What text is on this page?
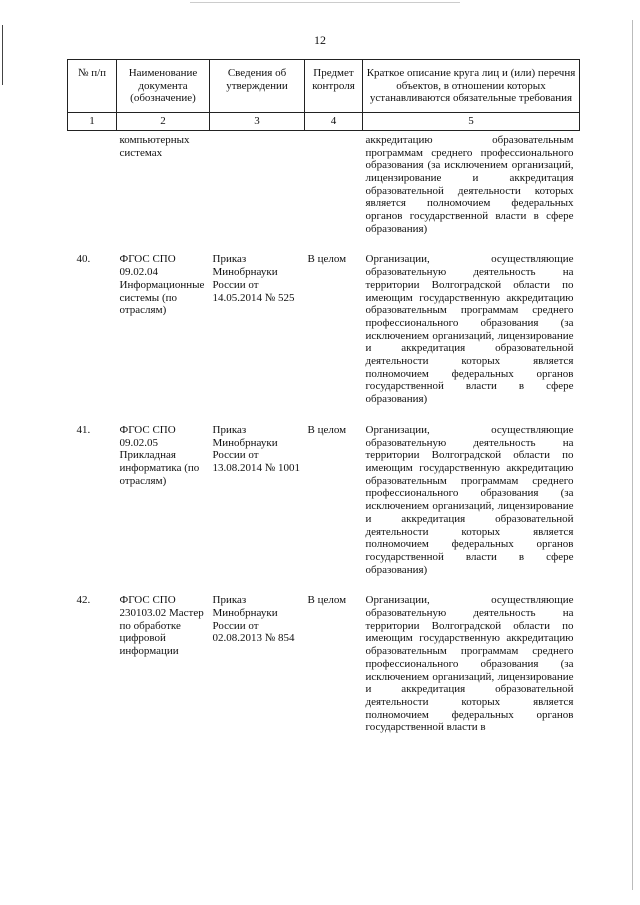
12
№ п/п	Наименование документа (обозначение)	Сведения об утверждении	Предмет контроля	Краткое описание круга лиц и (или) перечня объектов, в отношении которых устанавливаются обязательные требования
1	2	3	4	5
	компьютерных системах			аккредитацию образовательным программам среднего профессионального образования (за исключением организаций, лицензирование и аккредитация образовательной деятельности которых является полномочием федеральных органов государственной власти в сфере образования)
40.	ФГОС СПО 09.02.04 Информационные системы (по отраслям)	Приказ Минобрнауки России от 14.05.2014 № 525	В целом	Организации, осуществляющие образовательную деятельность на территории Волгоградской области по имеющим государственную аккредитацию образовательным программам среднего профессионального образования (за исключением организаций, лицензирование и аккредитация образовательной деятельности которых является полномочием федеральных органов государственной власти в сфере образования)
41.	ФГОС СПО 09.02.05 Прикладная информатика (по отраслям)	Приказ Минобрнауки России от 13.08.2014 № 1001	В целом	Организации, осуществляющие образовательную деятельность на территории Волгоградской области по имеющим государственную аккредитацию образовательным программам среднего профессионального образования (за исключением организаций, лицензирование и аккредитация образовательной деятельности которых является полномочием федеральных органов государственной власти в сфере образования)
42.	ФГОС СПО 230103.02 Мастер по обработке цифровой информации	Приказ Минобрнауки России от 02.08.2013 № 854	В целом	Организации, осуществляющие образовательную деятельность на территории Волгоградской области по имеющим государственную аккредитацию образовательным программам среднего профессионального образования (за исключением организаций, лицензирование и аккредитация образовательной деятельности которых является полномочием федеральных органов государственной власти в
